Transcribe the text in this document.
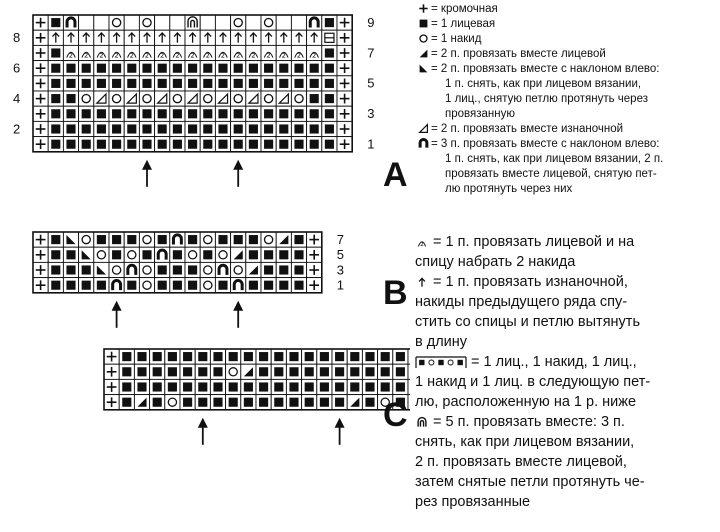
9
8
₂ ₂ ₂ ₂ ₂ ₂ ₂ ₂ ₂ ₂ ₂ ₂ ₂ ₂ ₂ ₂ ₂	7
6
5
4
3
2
1
7
5
3
1
A
B
C
= кромочная
= 1 лицевая
= 1 накид
= 2 п. провязать вместе лицевой
= 2 п. провязать вместе с наклоном влево:
1 п. снять, как при лицевом вязании,
1 лиц., снятую петлю протянуть через
провязанную
= 2 п. провязать вместе изнаночной
= 3 п. провязать вместе с наклоном влево:
1 п. снять, как при лицевом вязании, 2 п.
провязать вместе лицевой, снятую пет-
лю протянуть через них
₂ = 1 п. провязать лицевой и на
спицу набрать 2 накида
= 1 п. провязать изнаночной,
накиды предыдущего ряда спу-
стить со спицы и петлю вытянуть
в длину
= 1 лиц., 1 накид, 1 лиц.,
1 накид и 1 лиц. в следующую пет-
лю, расположенную на 1 р. ниже
= 5 п. провязать вместе: 3 п.
снять, как при лицевом вязании,
2 п. провязать вместе лицевой,
затем снятые петли протянуть че-
рез провязанные
